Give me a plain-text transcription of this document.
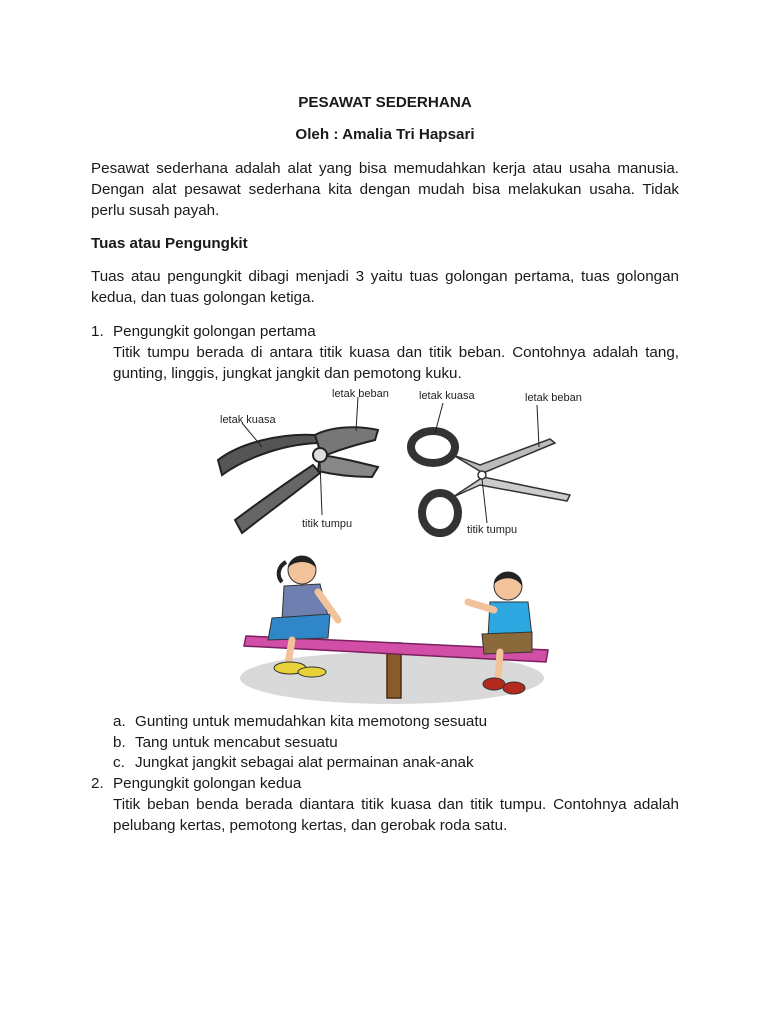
PESAWAT SEDERHANA
Oleh : Amalia Tri Hapsari
Pesawat sederhana adalah alat yang bisa memudahkan kerja atau usaha manusia. Dengan alat pesawat sederhana kita dengan mudah bisa melakukan usaha. Tidak perlu susah payah.
Tuas atau Pengungkit
Tuas atau pengungkit dibagi menjadi 3 yaitu tuas golongan pertama, tuas golongan kedua, dan tuas golongan ketiga.
1. Pengungkit golongan pertama
Titik tumpu berada di antara titik kuasa dan titik beban. Contohnya adalah tang, gunting, linggis, jungkat jangkit dan pemotong kuku.
a. Gunting untuk memudahkan kita memotong sesuatu
b. Tang untuk mencabut sesuatu
c. Jungkat jangkit sebagai alat permainan anak-anak
2. Pengungkit golongan kedua
Titik beban benda berada diantara titik kuasa dan titik tumpu. Contohnya adalah pelubang kertas, pemotong kertas, dan gerobak roda satu.
letak kuasa
letak beban
titik tumpu
letak kuasa	letak beban
titik tumpu
